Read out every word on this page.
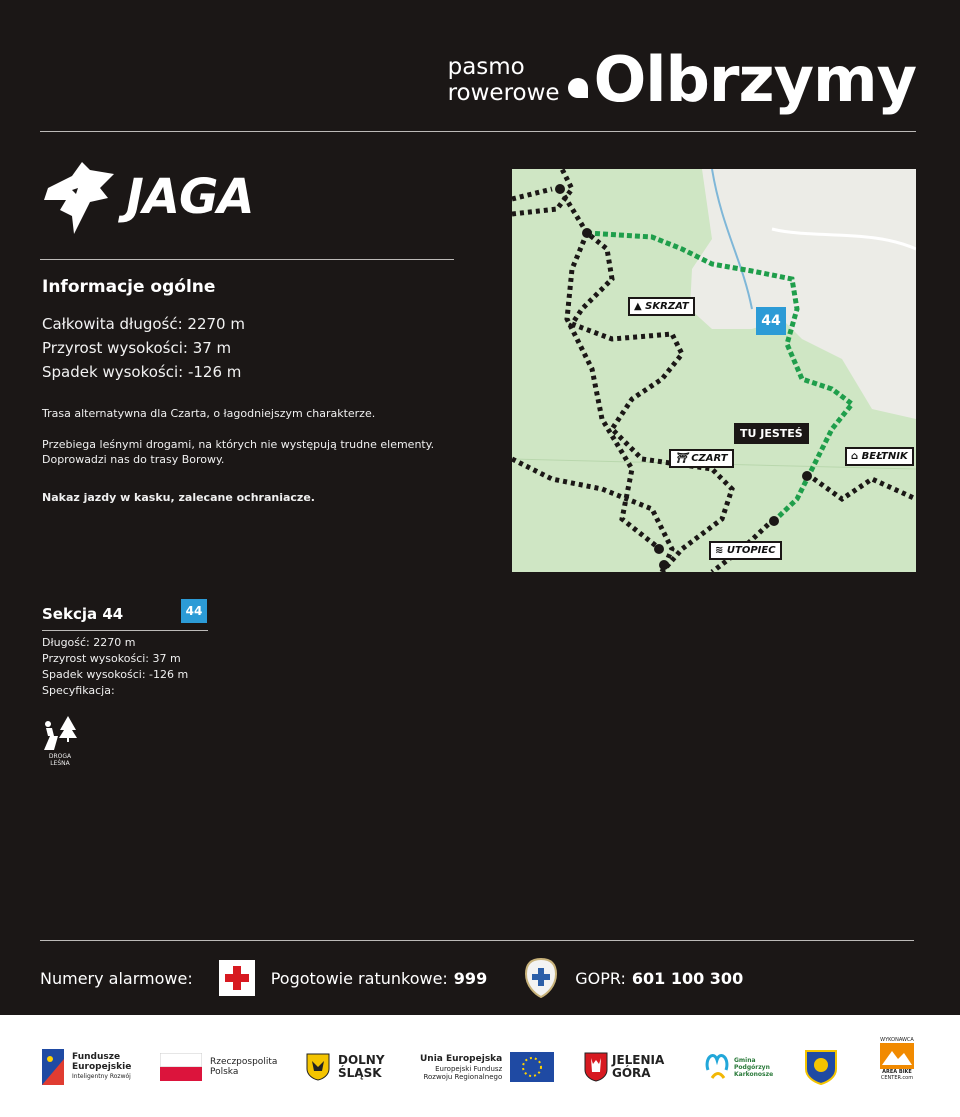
pasmo
rowerowe Olbrzymy
JAGA
Informacje ogólne
Całkowita długość: 2270 m
Przyrost wysokości: 37 m
Spadek wysokości: -126 m
Trasa alternatywna dla Czarta, o łagodniejszym charakterze.
Przebiega leśnymi drogami, na których nie występują trudne elementy.
Doprowadzi nas do trasy Borowy.
Nakaz jazdy w kasku, zalecane ochraniacze.
44
▲ SKRZAT
⛩ CZART	⌂ BEŁTNIK
≋ UTOPIEC
TU JESTEŚ
Sekcja 44	44
Długość: 2270 m
Przyrost wysokości: 37 m
Spadek wysokości: -126 m
Specyfikacja:
DROGA
LEŚNA
Numery alarmowe:	Pogotowie ratunkowe: 999	GOPR: 601 100 300
Fundusze
Europejskie
Inteligentny Rozwój
Rzeczpospolita
Polska
DOLNY
ŚLĄSK
Unia Europejska
Europejski Fundusz
Rozwoju Regionalnego
JELENIA
GÓRA
Gmina
Podgórzyn
Karkonosze
WYKONAWCA
AREA BIKE
CENTER.com
